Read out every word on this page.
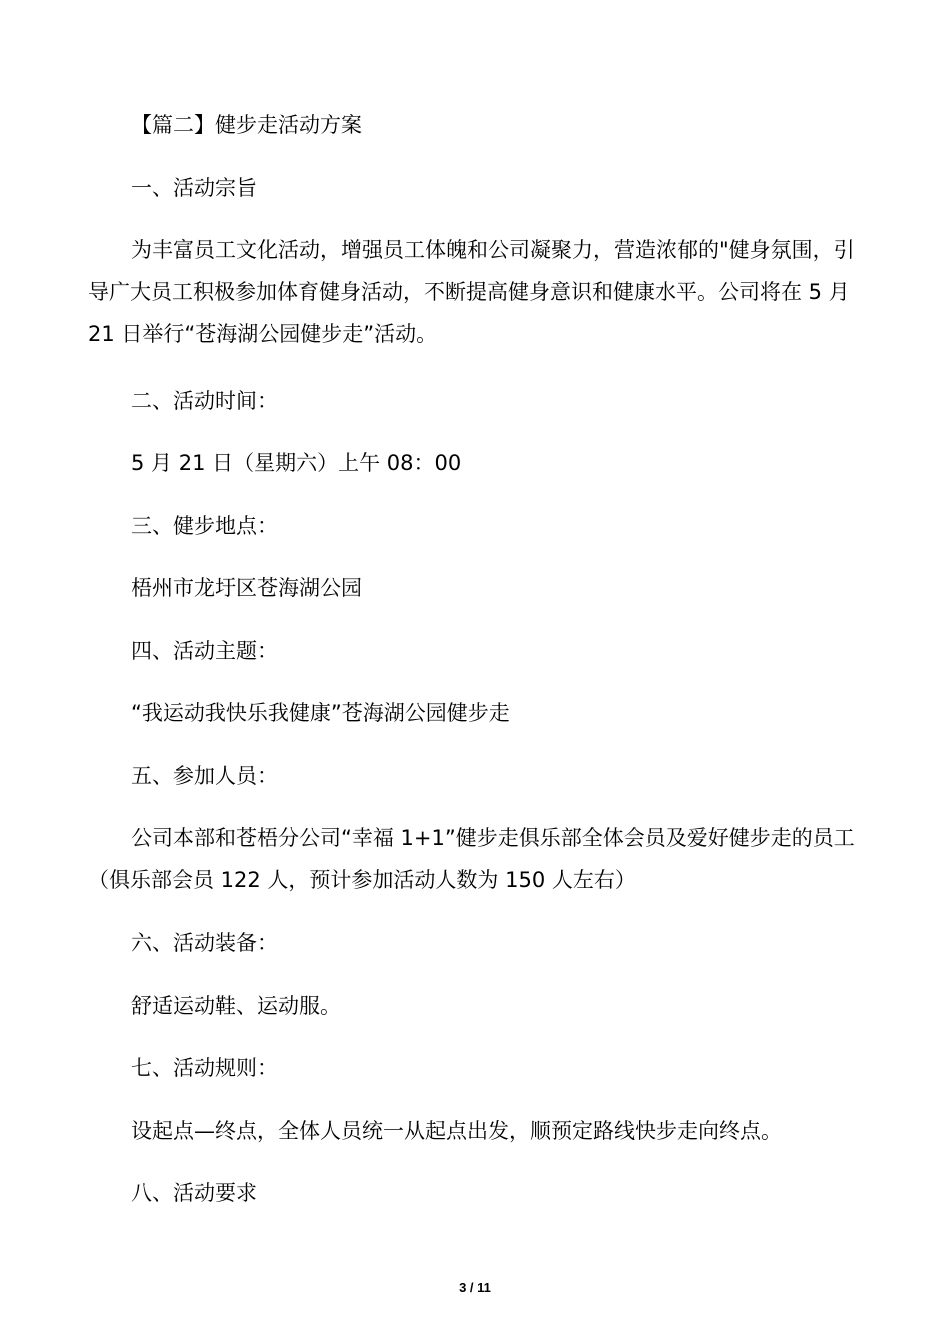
【篇二】健步走活动方案

一、活动宗旨

为丰富员工文化活动，增强员工体魄和公司凝聚力，营造浓郁的"健身氛围，引导广大员工积极参加体育健身活动，不断提高健身意识和健康水平。公司将在 5 月 21 日举行“苍海湖公园健步走”活动。

二、活动时间：

5 月 21 日（星期六）上午 08：00

三、健步地点：

梧州市龙圩区苍海湖公园

四、活动主题：

“我运动我快乐我健康”苍海湖公园健步走

五、参加人员：

公司本部和苍梧分公司“幸福 1+1”健步走俱乐部全体会员及爱好健步走的员工（俱乐部会员 122 人，预计参加活动人数为 150 人左右）

六、活动装备：

舒适运动鞋、运动服。

七、活动规则：

设起点—终点，全体人员统一从起点出发，顺预定路线快步走向终点。

八、活动要求

3 / 11
